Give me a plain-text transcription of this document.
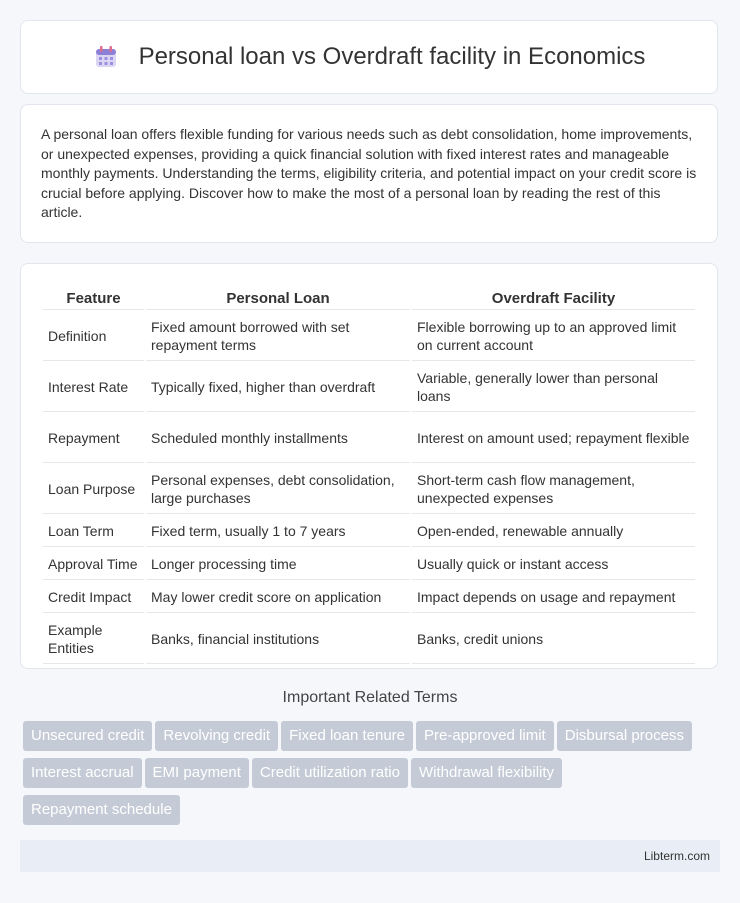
Personal loan vs Overdraft facility in Economics

A personal loan offers flexible funding for various needs such as debt consolidation, home improvements, or unexpected expenses, providing a quick financial solution with fixed interest rates and manageable monthly payments. Understanding the terms, eligibility criteria, and potential impact on your credit score is crucial before applying. Discover how to make the most of a personal loan by reading the rest of this article.

Feature	Personal Loan	Overdraft Facility
Definition	Fixed amount borrowed with set repayment terms	Flexible borrowing up to an approved limit on current account
Interest Rate	Typically fixed, higher than overdraft	Variable, generally lower than personal loans
Repayment	Scheduled monthly installments	Interest on amount used; repayment flexible
Loan Purpose	Personal expenses, debt consolidation, large purchases	Short-term cash flow management, unexpected expenses
Loan Term	Fixed term, usually 1 to 7 years	Open-ended, renewable annually
Approval Time	Longer processing time	Usually quick or instant access
Credit Impact	May lower credit score on application	Impact depends on usage and repayment
Example Entities	Banks, financial institutions	Banks, credit unions
Important Related Terms
Unsecured credit Revolving credit Fixed loan tenure Pre-approved limit Disbursal processInterest accrual EMI payment Credit utilization ratio Withdrawal flexibilityRepayment schedule
Libterm.com
